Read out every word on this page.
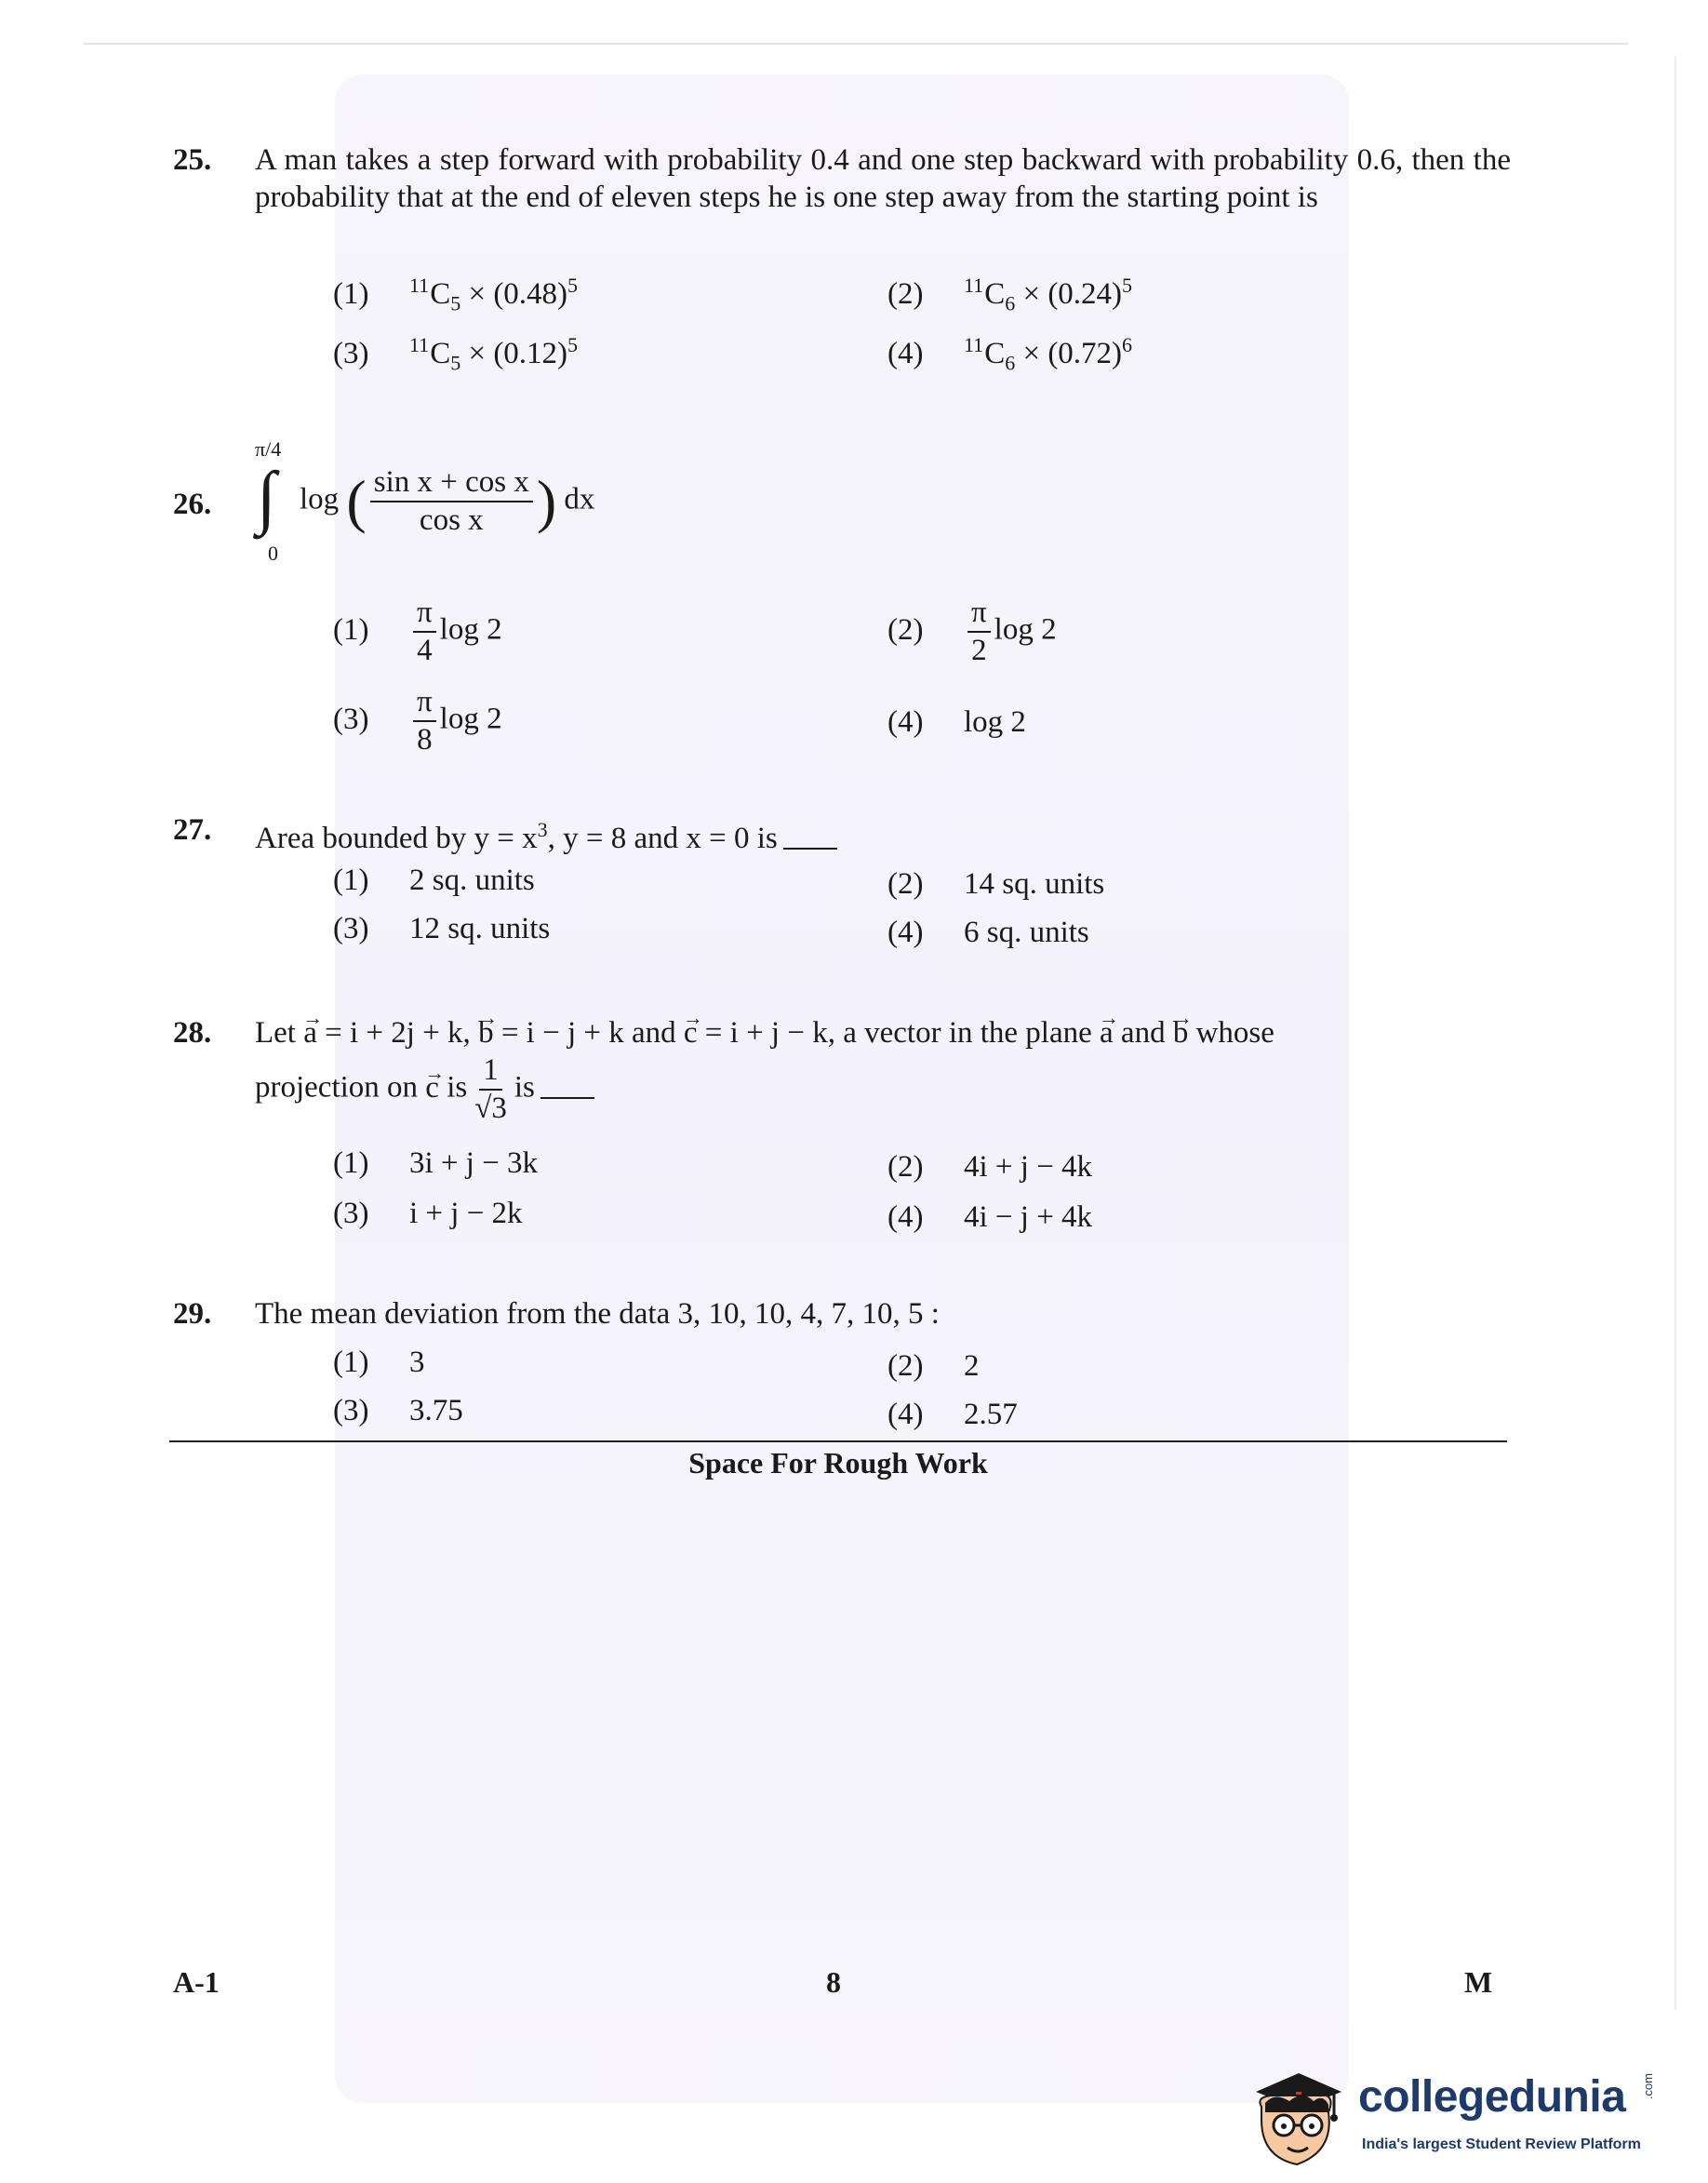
25.	A man takes a step forward with probability 0.4 and one step backward with probability 0.6, then the probability that at the end of eleven steps he is one step away from the starting point is
(1) $^{11}C_5 \times (0.48)^5$	(2) $^{11}C_6 \times (0.24)^5$
(3) $^{11}C_5 \times (0.12)^5$	(4) $^{11}C_6 \times (0.72)^6$
26.
π/4
∫
0
log ( $\frac{\text{sin x + cos x}}{\text{cos x}}$ ) dx
$(1) \frac{\pi}{4}$ log 2	$(2) \frac{\pi}{2}$ log 2
$(3) \frac{\pi}{8}$ log 2	(4) log 2
27.	Area bounded by $y = x^3$, y = 8 and x = 0 is
(1) 2 sq. units	(2) 14 sq. units
(3) 12 sq. units	(4) 6 sq. units
28.	Let → a = i + 2j + k, → b = i − j + k and → c = i + j − k, a vector in the plane → a and → b whose
projection on → c is $\frac{1}{√3}$ is
(1) 3i + j − 3k	(2) 4i + j − 4k
(3) i + j − 2k	(4) 4i − j + 4k
29.	The mean deviation from the data 3, 10, 10, 4, 7, 10, 5 :
(1) 3	(2) 2
(3) 3.75	(4) 2.57
Space For Rough Work
A-1	8	M
collegedunia .com
India's largest Student Review Platform
